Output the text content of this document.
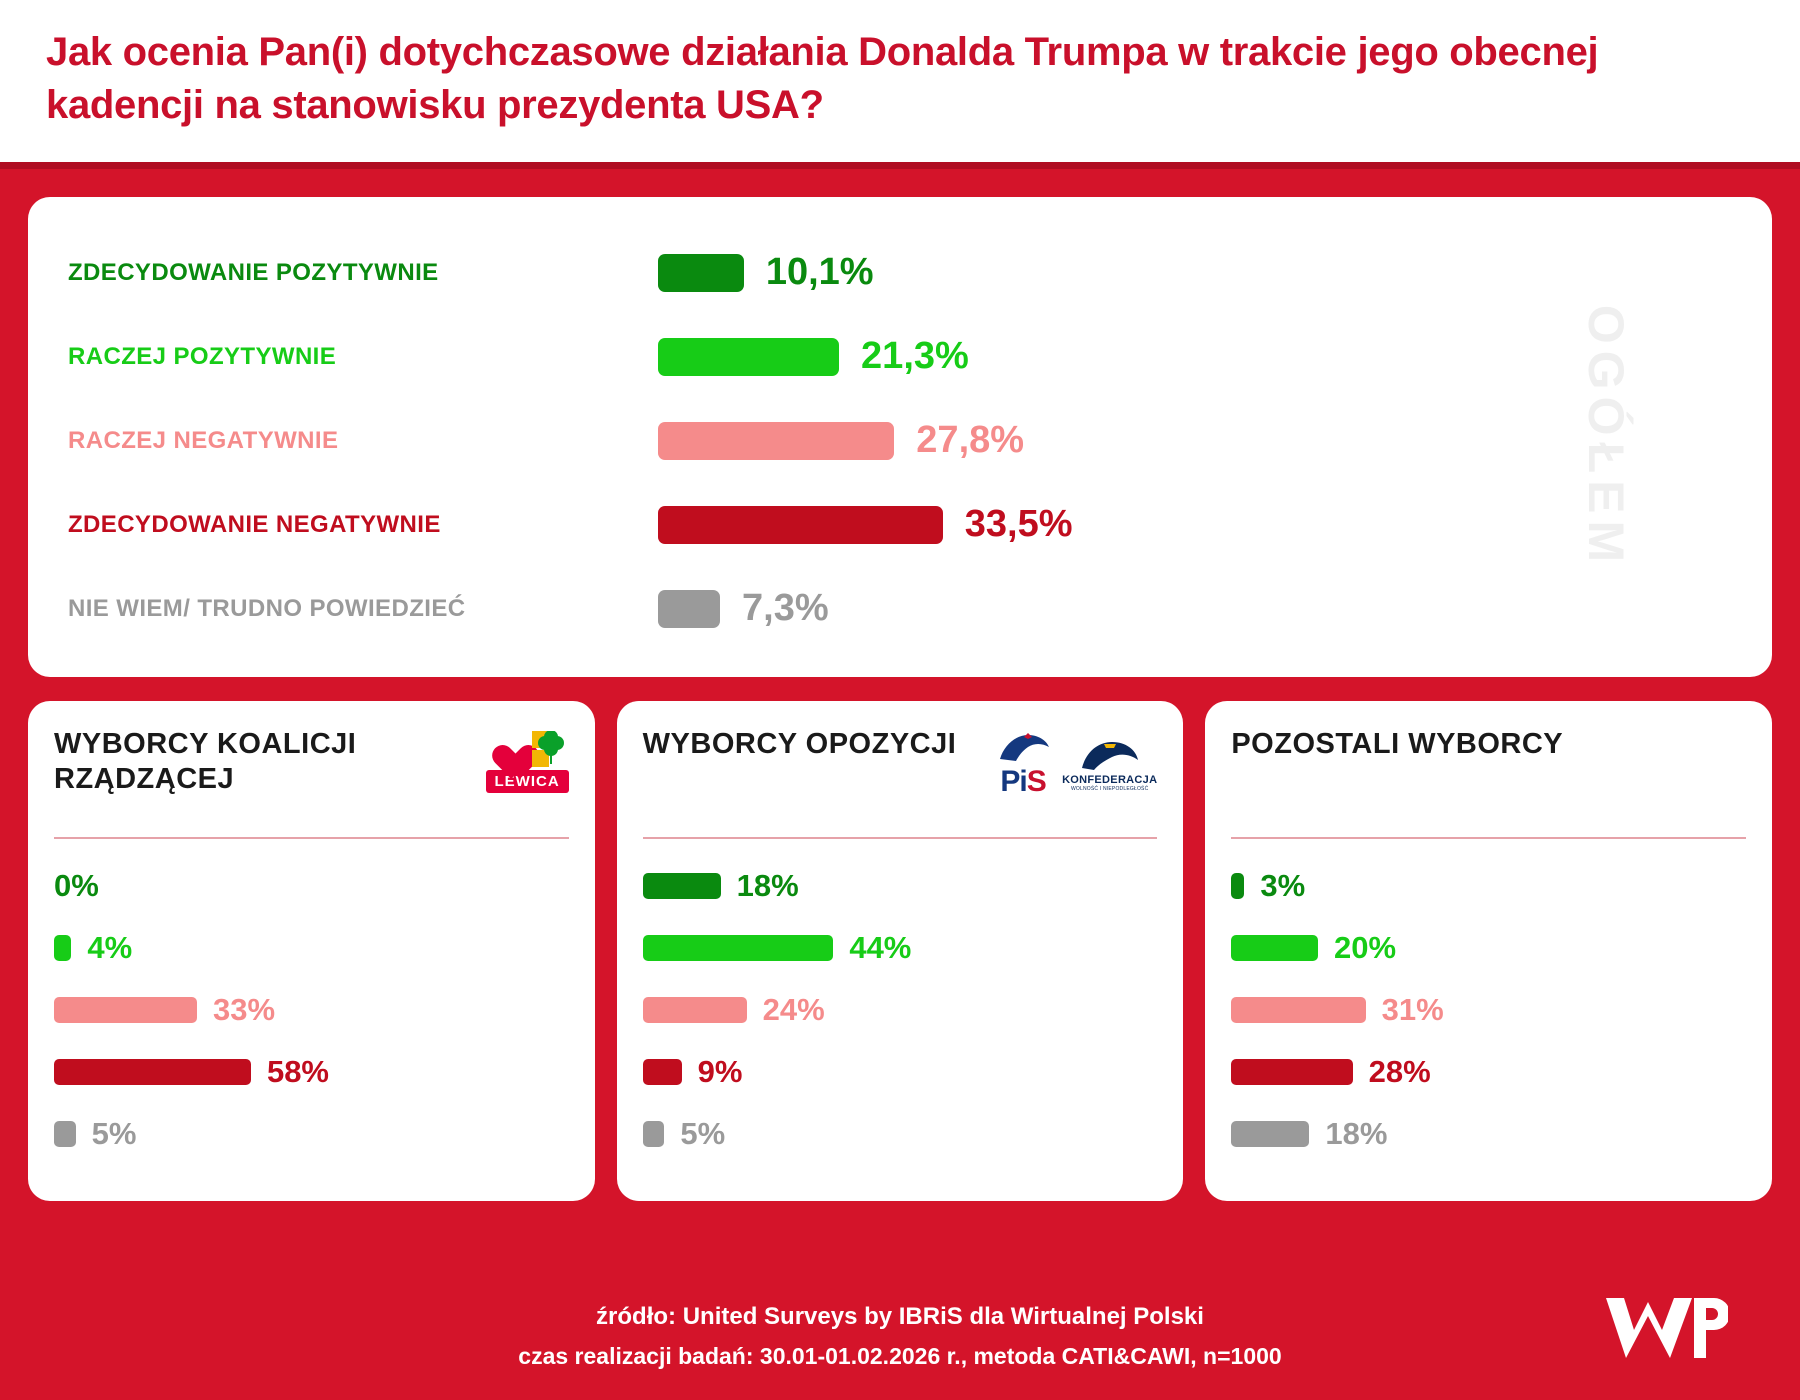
Jak ocenia Pan(i) dotychczasowe działania Donalda Trumpa w trakcie jego obecnej kadencji na stanowisku prezydenta USA?
OGÓŁEM
ZDECYDOWANIE POZYTYWNIE	10,1%
RACZEJ POZYTYWNIE	21,3%
RACZEJ NEGATYWNIE	27,8%
ZDECYDOWANIE NEGATYWNIE	33,5%
NIE WIEM/ TRUDNO POWIEDZIEĆ	7,3%
WYBORCY KOALICJI RZĄDZĄCEJ	LEWICA
0%
4%
33%
58%
5%
WYBORCY OPOZYCJI
PiS KONFEDERACJA
WOLNOŚĆ I NIEPODLEGŁOŚĆ
18%
44%
24%
9%
5%
POZOSTALI WYBORCY
3%
20%
31%
28%
18%
źródło: United Surveys by IBRiS dla Wirtualnej Polski
czas realizacji badań: 30.01-01.02.2026 r., metoda CATI&CAWI, n=1000
